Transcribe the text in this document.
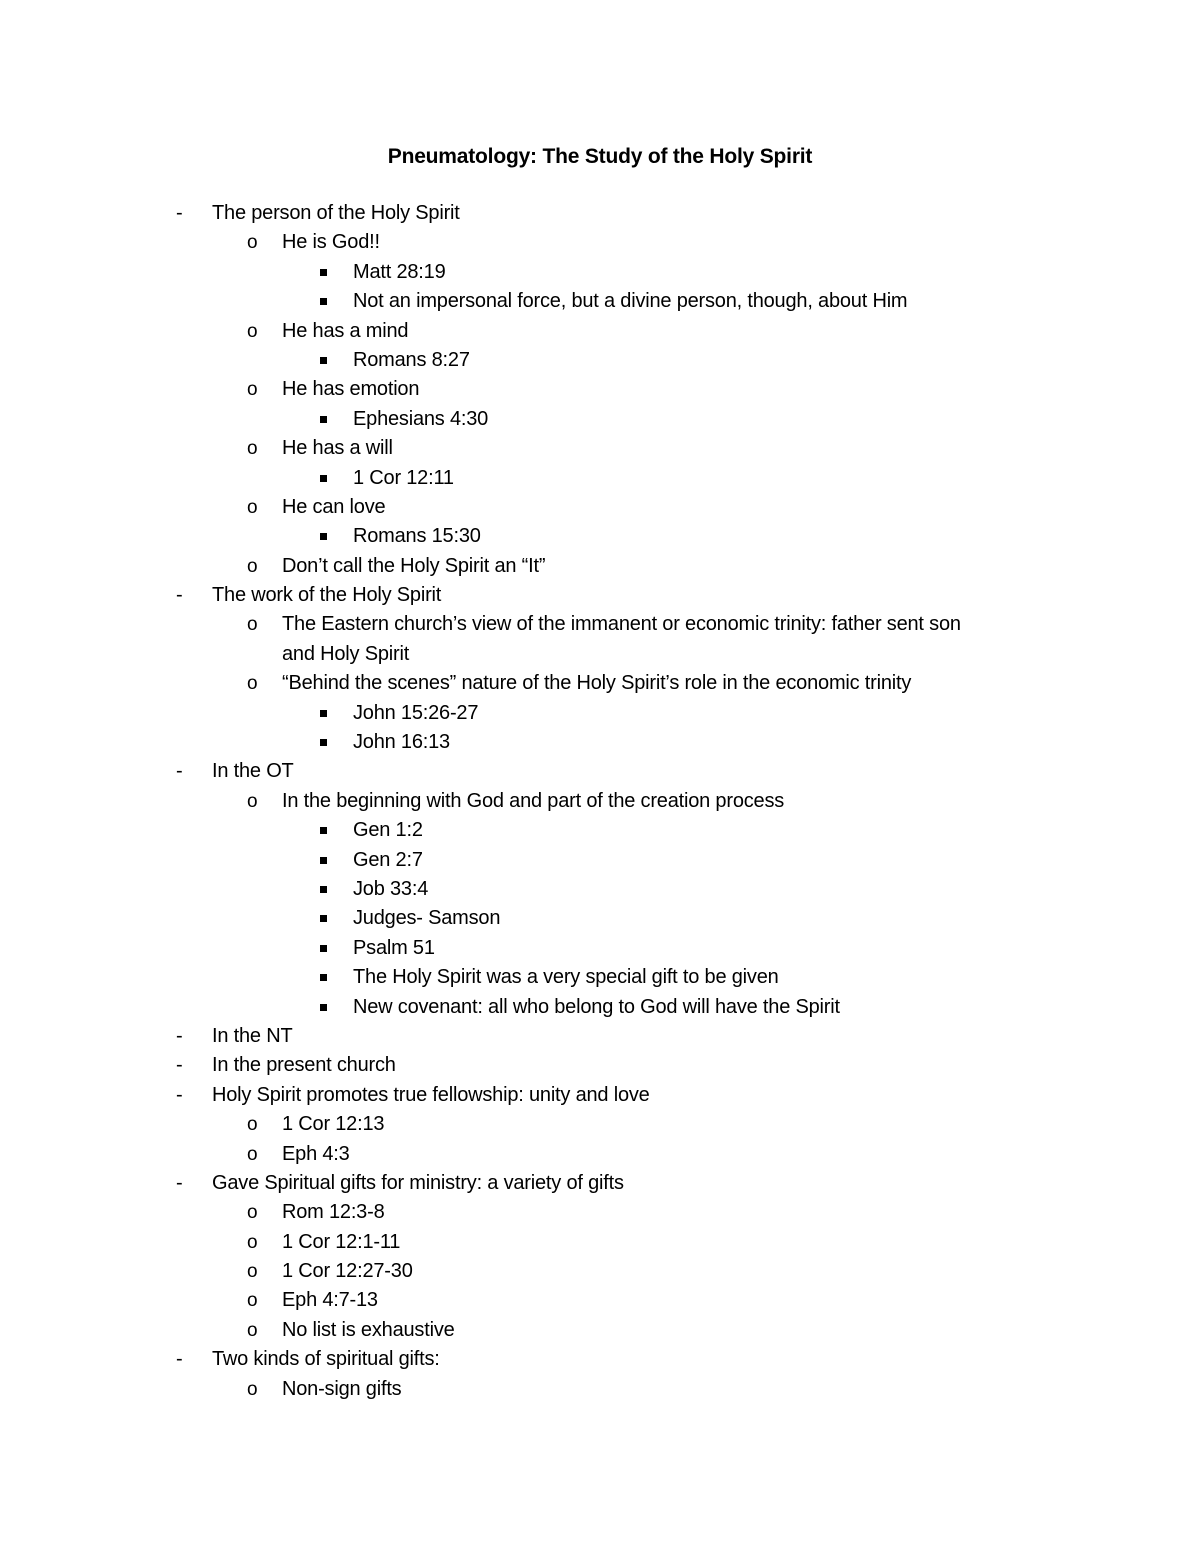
Pneumatology: The Study of the Holy Spirit
- The person of the Holy Spirit
o He is God!!
Matt 28:19
Not an impersonal force, but a divine person, though, about Him
o He has a mind
Romans 8:27
o He has emotion
Ephesians 4:30
o He has a will
1 Cor 12:11
o He can love
Romans 15:30
o Don’t call the Holy Spirit an “It”
- The work of the Holy Spirit
o The Eastern church’s view of the immanent or economic trinity: father sent son
and Holy Spirit
o “Behind the scenes” nature of the Holy Spirit’s role in the economic trinity
John 15:26-27
John 16:13
- In the OT
o In the beginning with God and part of the creation process
Gen 1:2
Gen 2:7
Job 33:4
Judges- Samson
Psalm 51
The Holy Spirit was a very special gift to be given
New covenant: all who belong to God will have the Spirit
- In the NT
- In the present church
- Holy Spirit promotes true fellowship: unity and love
o 1 Cor 12:13
o Eph 4:3
- Gave Spiritual gifts for ministry: a variety of gifts
o Rom 12:3-8
o 1 Cor 12:1-11
o 1 Cor 12:27-30
o Eph 4:7-13
o No list is exhaustive
- Two kinds of spiritual gifts:
o Non-sign gifts
